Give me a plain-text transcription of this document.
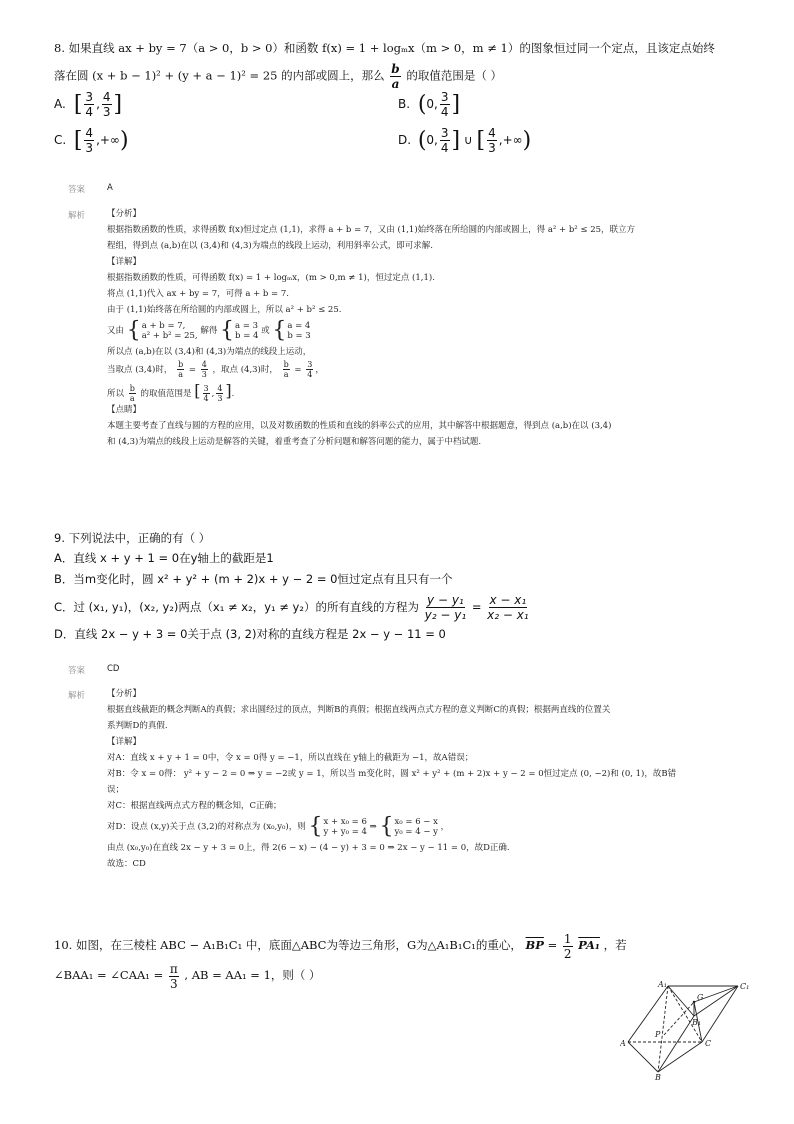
8. 如果直线 ax + by = 7（a > 0，b > 0）和函数 f(x) = 1 + logₘx（m > 0，m ≠ 1）的图象恒过同一个定点，且该定点始终
落在圆 (x + b − 1)² + (y + a − 1)² = 25 的内部或圆上，那么 $\frac{b}{a}$ 的取值范围是（ ）
A. [ $\frac{3}{4}$ , $\frac{4}{3}$ ]	B. (0, $\frac{3}{4}$ ]
C. [ $\frac{4}{3}$ ,+∞)	D. (0, $\frac{3}{4}$ ] ∪ [ $\frac{4}{3}$ ,+∞)
答案	A
解析	【分析】
根据指数函数的性质，求得函数 f(x)恒过定点 (1,1)，求得 a + b = 7，又由 (1,1)始终落在所给圆的内部或圆上，得 a² + b² ≤ 25，联立方
程组，得到点 (a,b)在以 (3,4)和 (4,3)为端点的线段上运动，利用斜率公式，即可求解.
【详解】
根据指数函数的性质，可得函数 f(x) = 1 + logₘx，(m > 0,m ≠ 1)，恒过定点 (1,1).
将点 (1,1)代入 ax + by = 7，可得 a + b = 7.
由于 (1,1)始终落在所给圆的内部或圆上，所以 a² + b² ≤ 25.
又由 { a + b = 7,
a² + b² = 25, 解得 { a = 3
b = 4 或 { a = 4
b = 3
所以点 (a,b)在以 (3,4)和 (4,3)为端点的线段上运动，
当取点 (3,4)时， $\frac{b}{a} = \frac{4}{3}$ ，取点 (4,3)时， $\frac{b}{a} = \frac{3}{4}$ ，
所以 $\frac{b}{a}$ 的取值范围是 [ $\frac{3}{4}$ , $\frac{4}{3}$ ].
【点睛】
本题主要考查了直线与圆的方程的应用，以及对数函数的性质和直线的斜率公式的应用，其中解答中根据题意，得到点 (a,b)在以 (3,4)
和 (4,3)为端点的线段上运动是解答的关键，着重考查了分析问题和解答问题的能力，属于中档试题.
9. 下列说法中，正确的有（ ）
A．直线 x + y + 1 = 0在y轴上的截距是1
B．当m变化时，圆 x² + y² + (m + 2)x + y − 2 = 0恒过定点有且只有一个
C．过 (x₁, y₁)，(x₂, y₂)两点（x₁ ≠ x₂，y₁ ≠ y₂）的所有直线的方程为 $\frac{\text{y − y₁}}{\text{y₂ − y₁}} = \frac{\text{x − x₁}}{\text{x₂ − x₁}}$
D．直线 2x − y + 3 = 0关于点 (3, 2)对称的直线方程是 2x − y − 11 = 0
答案	CD
解析	【分析】
根据直线截距的概念判断A的真假；求出圆经过的顶点，判断B的真假；根据直线两点式方程的意义判断C的真假；根据两直线的位置关
系判断D的真假.
【详解】
对A：直线 x + y + 1 = 0中，令 x = 0得 y = −1，所以直线在 y轴上的截距为 −1，故A错误；
对B：令 x = 0得： y² + y − 2 = 0 ⇒ y = −2或 y = 1，所以当 m变化时，圆 x² + y² + (m + 2)x + y − 2 = 0恒过定点 (0, −2)和 (0, 1)，故B错
误；
对C：根据直线两点式方程的概念知，C正确；
对D：设点 (x,y)关于点 (3,2)的对称点为 (x₀,y₀)，则 { x + x₀ = 6
y + y₀ = 4 ⇒ { x₀ = 6 − x
y₀ = 4 − y ，
由点 (x₀,y₀)在直线 2x − y + 3 = 0上，得 2(6 − x) − (4 − y) + 3 = 0 ⇒ 2x − y − 11 = 0，故D正确.
故选：CD
10. 如图，在三棱柱 ABC − A₁B₁C₁ 中，底面△ABC为等边三角形，G为△A₁B₁C₁的重心， $\overline{BP} = \frac{1}{2} PA_1$ ，若
∠BAA₁ = ∠CAA₁ = $\frac{\pi}{3}$ , AB = AA₁ = 1，则（ ）
A₁	C₁
G
B₁
P
A	C
B
